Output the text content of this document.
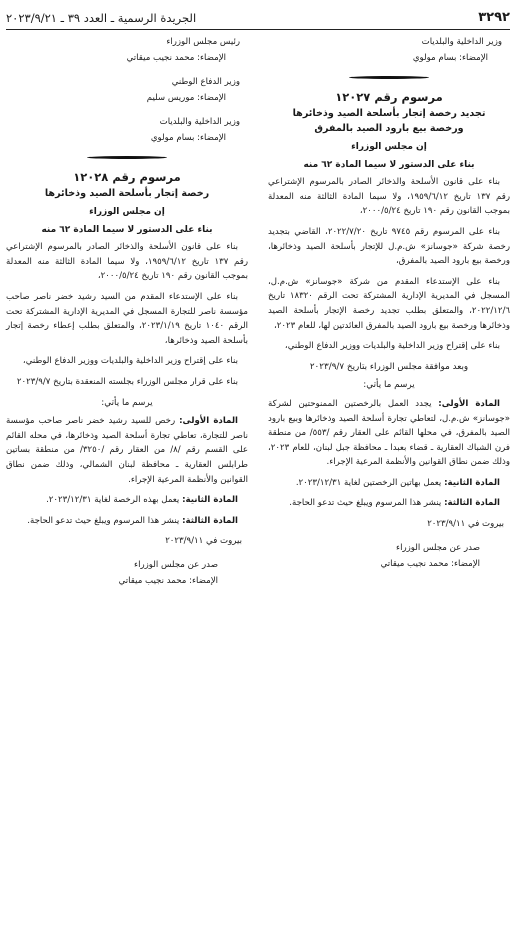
٣٢٩٢
الجريدة الرسمية ـ العدد ٣٩ ـ ٢٠٢٣/٩/٢١
وزير الداخلية والبلديات
الإمضاء: بسام مولوي
مرسوم رقم ١٢٠٢٧
تجديد رخصة إتجار بأسلحة الصيد وذخائرها
ورخصة بيع بارود الصيد بالمفرق
إن مجلس الوزراء
بناء على الدستور لا سيما المادة ٦٢ منه

بناء على قانون الأسلحة والذخائر الصادر بالمرسوم الإشتراعي رقم ١٣٧ تاريخ ١٩٥٩/٦/١٢، ولا سيما المادة الثالثة منه المعدلة بموجب القانون رقم ١٩٠ تاريخ ٢٠٠٠/٥/٢٤،

بناء على المرسوم رقم ٩٧٤٥ تاريخ ٢٠٢٢/٧/٢٠، القاضي بتجديد رخصة شركة «جوسانز» ش.م.ل للإتجار بأسلحة الصيد وذخائرها، ورخصة بيع بارود الصيد بالمفرق،

بناء على الإستدعاء المقدم من شركة «جوسانز» ش.م.ل، المسجل في المديرية الإدارية المشتركة تحت الرقم ١٨٣٢٠ تاريخ ٢٠٢٢/١٢/٦، والمتعلق بطلب تجديد رخصة الإتجار بأسلحة الصيد وذخائرها ورخصة بيع بارود الصيد بالمفرق العائدتين لها، للعام ٢٠٢٣،

بناء على إقتراح وزير الداخلية والبلديات ووزير الدفاع الوطني،

وبعد موافقة مجلس الوزراء بتاريخ ٢٠٢٣/٩/٧
يرسم ما يأتي:

المادة الأولى: يجدد العمل بالرخصتين الممنوحتين لشركة «جوسانز» ش.م.ل، لتعاطي تجارة أسلحة الصيد وذخائرها وبيع بارود الصيد بالمفرق، في محلها القائم على العقار رقم /٥٥٣/ من منطقة فرن الشباك العقارية ـ قضاء بعبدا ـ محافظة جبل لبنان، للعام ٢٠٢٣، وذلك ضمن نطاق القوانين والأنظمة المرعية الإجراء.

المادة الثانية: يعمل بهاتين الرخصتين لغاية ٢٠٢٣/١٢/٣١.

المادة الثالثة: ينشر هذا المرسوم ويبلغ حيث تدعو الحاجة.

بيروت في ٢٠٢٣/٩/١١
صدر عن مجلس الوزراء
الإمضاء: محمد نجيب ميقاتي
رئيس مجلس الوزراء
الإمضاء: محمد نجيب ميقاتي
وزير الدفاع الوطني
الإمضاء: موريس سليم
وزير الداخلية والبلديات
الإمضاء: بسام مولوي
مرسوم رقم ١٢٠٢٨
رخصة إتجار بأسلحة الصيد وذخائرها
إن مجلس الوزراء
بناء على الدستور لا سيما المادة ٦٢ منه

بناء على قانون الأسلحة والذخائر الصادر بالمرسوم الإشتراعي رقم ١٣٧ تاريخ ١٩٥٩/٦/١٢، ولا سيما المادة الثالثة منه المعدلة بموجب القانون رقم ١٩٠ تاريخ ٢٠٠٠/٥/٢٤،

بناء على الإستدعاء المقدم من السيد رشيد خضر ناصر صاحب مؤسسة ناصر للتجارة المسجل في المديرية الإدارية المشتركة تحت الرقم ١٠٤٠ تاريخ ٢٠٢٣/١/١٩، والمتعلق بطلب إعطاء رخصة إتجار بأسلحة الصيد وذخائرها،

بناء على إقتراح وزير الداخلية والبلديات ووزير الدفاع الوطني،

بناء على قرار مجلس الوزراء بجلسته المنعقدة بتاريخ ٢٠٢٣/٩/٧

يرسم ما يأتي:

المادة الأولى: رخص للسيد رشيد خضر ناصر صاحب مؤسسة ناصر للتجارة، تعاطي تجارة أسلحة الصيد وذخائرها، في محله القائم على القسم رقم /٨/ من العقار رقم /٣٢٥٠/ من منطقة بساتين طرابلس العقارية ـ محافظة لبنان الشمالي، وذلك ضمن نطاق القوانين والأنظمة المرعية الإجراء.

المادة الثانية: يعمل بهذه الرخصة لغاية ٢٠٢٣/١٢/٣١.

المادة الثالثة: ينشر هذا المرسوم ويبلغ حيث تدعو الحاجة.

بيروت في ٢٠٢٣/٩/١١
صدر عن مجلس الوزراء
الإمضاء: محمد نجيب ميقاتي
